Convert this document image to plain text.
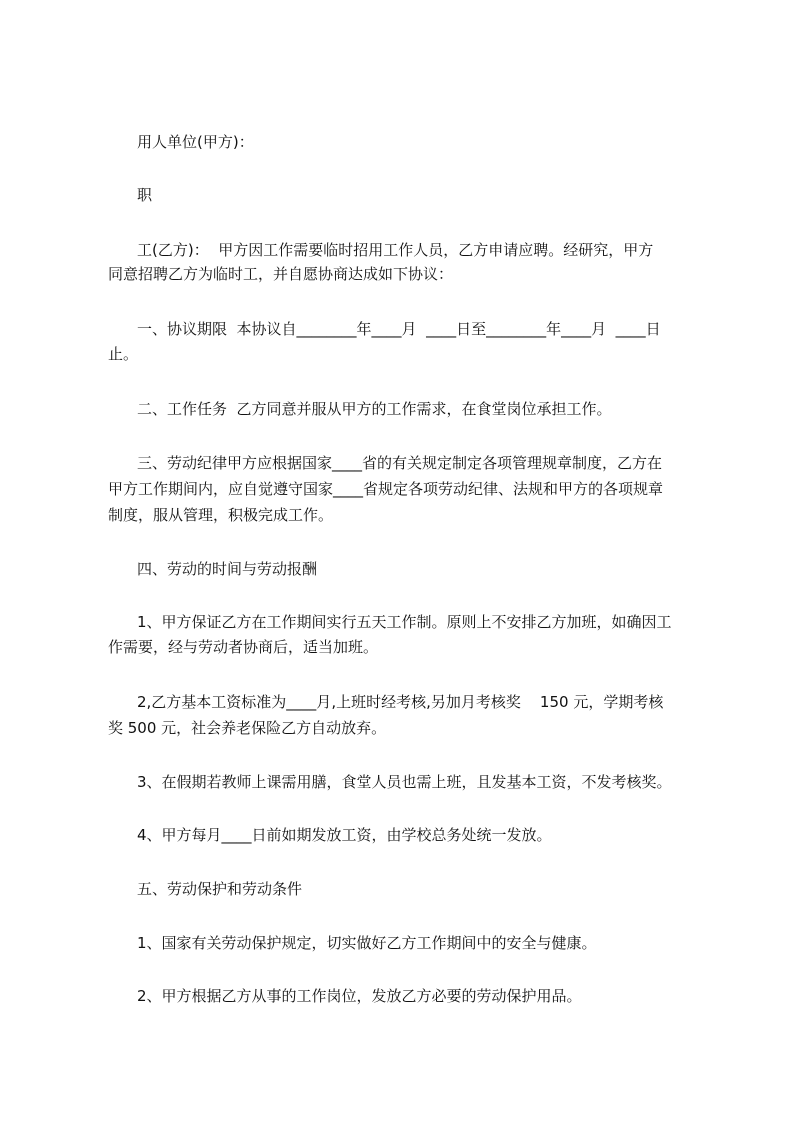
用人单位(甲方)：
职
工(乙方)：  甲方因工作需要临时招用工作人员，乙方申请应聘。经研究，甲方
同意招聘乙方为临时工，并自愿协商达成如下协议：
一、协议期限  本协议自________年____月  ____日至________年____月  ____日
止。
二、工作任务  乙方同意并服从甲方的工作需求，在食堂岗位承担工作。
三、劳动纪律甲方应根据国家____省的有关规定制定各项管理规章制度，乙方在
甲方工作期间内，应自觉遵守国家____省规定各项劳动纪律、法规和甲方的各项规章
制度，服从管理，积极完成工作。
四、劳动的时间与劳动报酬
1、甲方保证乙方在工作期间实行五天工作制。原则上不安排乙方加班，如确因工
作需要，经与劳动者协商后，适当加班。
2,乙方基本工资标准为____月,上班时经考核,另加月考核奖    150 元，学期考核
奖 500 元，社会养老保险乙方自动放弃。
3、在假期若教师上课需用膳，食堂人员也需上班，且发基本工资，不发考核奖。
4、甲方每月____日前如期发放工资，由学校总务处统一发放。
五、劳动保护和劳动条件
1、国家有关劳动保护规定，切实做好乙方工作期间中的安全与健康。
2、甲方根据乙方从事的工作岗位，发放乙方必要的劳动保护用品。
